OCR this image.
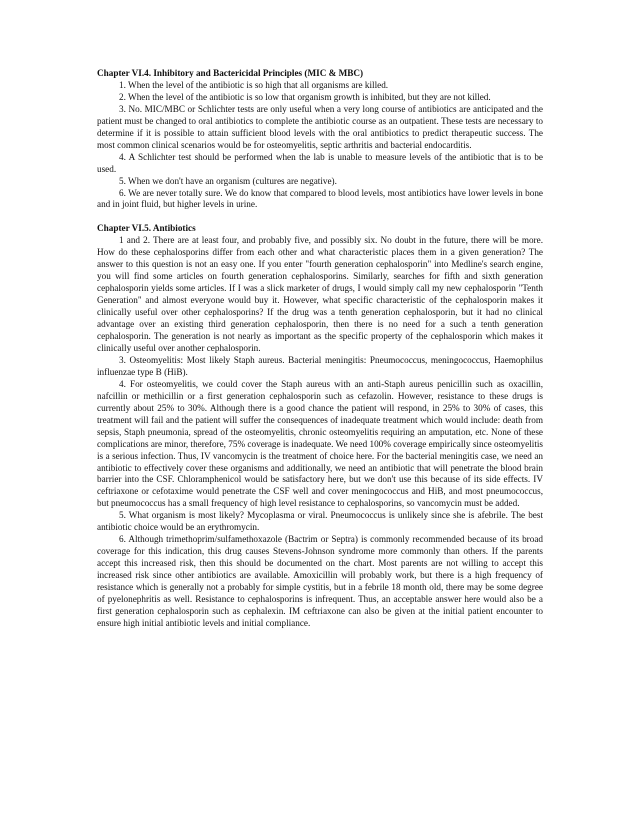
Chapter VI.4. Inhibitory and Bactericidal Principles (MIC & MBC)

1. When the level of the antibiotic is so high that all organisms are killed.

2. When the level of the antibiotic is so low that organism growth is inhibited, but they are not killed.

3. No. MIC/MBC or Schlichter tests are only useful when a very long course of antibiotics are anticipated and the patient must be changed to oral antibiotics to complete the antibiotic course as an outpatient. These tests are necessary to determine if it is possible to attain sufficient blood levels with the oral antibiotics to predict therapeutic success. The most common clinical scenarios would be for osteomyelitis, septic arthritis and bacterial endocarditis.

4. A Schlichter test should be performed when the lab is unable to measure levels of the antibiotic that is to be used.

5. When we don't have an organism (cultures are negative).

6. We are never totally sure. We do know that compared to blood levels, most antibiotics have lower levels in bone and in joint fluid, but higher levels in urine.

Chapter VI.5. Antibiotics

1 and 2. There are at least four, and probably five, and possibly six. No doubt in the future, there will be more. How do these cephalosporins differ from each other and what characteristic places them in a given generation? The answer to this question is not an easy one. If you enter "fourth generation cephalosporin" into Medline's search engine, you will find some articles on fourth generation cephalosporins. Similarly, searches for fifth and sixth generation cephalosporin yields some articles. If I was a slick marketer of drugs, I would simply call my new cephalosporin "Tenth Generation" and almost everyone would buy it. However, what specific characteristic of the cephalosporin makes it clinically useful over other cephalosporins? If the drug was a tenth generation cephalosporin, but it had no clinical advantage over an existing third generation cephalosporin, then there is no need for a such a tenth generation cephalosporin. The generation is not nearly as important as the specific property of the cephalosporin which makes it clinically useful over another cephalosporin.

3. Osteomyelitis: Most likely Staph aureus. Bacterial meningitis: Pneumococcus, meningococcus, Haemophilus influenzae type B (HiB).

4. For osteomyelitis, we could cover the Staph aureus with an anti-Staph aureus penicillin such as oxacillin, nafcillin or methicillin or a first generation cephalosporin such as cefazolin. However, resistance to these drugs is currently about 25% to 30%. Although there is a good chance the patient will respond, in 25% to 30% of cases, this treatment will fail and the patient will suffer the consequences of inadequate treatment which would include: death from sepsis, Staph pneumonia, spread of the osteomyelitis, chronic osteomyelitis requiring an amputation, etc. None of these complications are minor, therefore, 75% coverage is inadequate. We need 100% coverage empirically since osteomyelitis is a serious infection. Thus, IV vancomycin is the treatment of choice here. For the bacterial meningitis case, we need an antibiotic to effectively cover these organisms and additionally, we need an antibiotic that will penetrate the blood brain barrier into the CSF. Chloramphenicol would be satisfactory here, but we don't use this because of its side effects. IV ceftriaxone or cefotaxime would penetrate the CSF well and cover meningococcus and HiB, and most pneumococcus, but pneumococcus has a small frequency of high level resistance to cephalosporins, so vancomycin must be added.

5. What organism is most likely? Mycoplasma or viral. Pneumococcus is unlikely since she is afebrile. The best antibiotic choice would be an erythromycin.

6. Although trimethoprim/sulfamethoxazole (Bactrim or Septra) is commonly recommended because of its broad coverage for this indication, this drug causes Stevens-Johnson syndrome more commonly than others. If the parents accept this increased risk, then this should be documented on the chart. Most parents are not willing to accept this increased risk since other antibiotics are available. Amoxicillin will probably work, but there is a high frequency of resistance which is generally not a probably for simple cystitis, but in a febrile 18 month old, there may be some degree of pyelonephritis as well. Resistance to cephalosporins is infrequent. Thus, an acceptable answer here would also be a first generation cephalosporin such as cephalexin. IM ceftriaxone can also be given at the initial patient encounter to ensure high initial antibiotic levels and initial compliance.
